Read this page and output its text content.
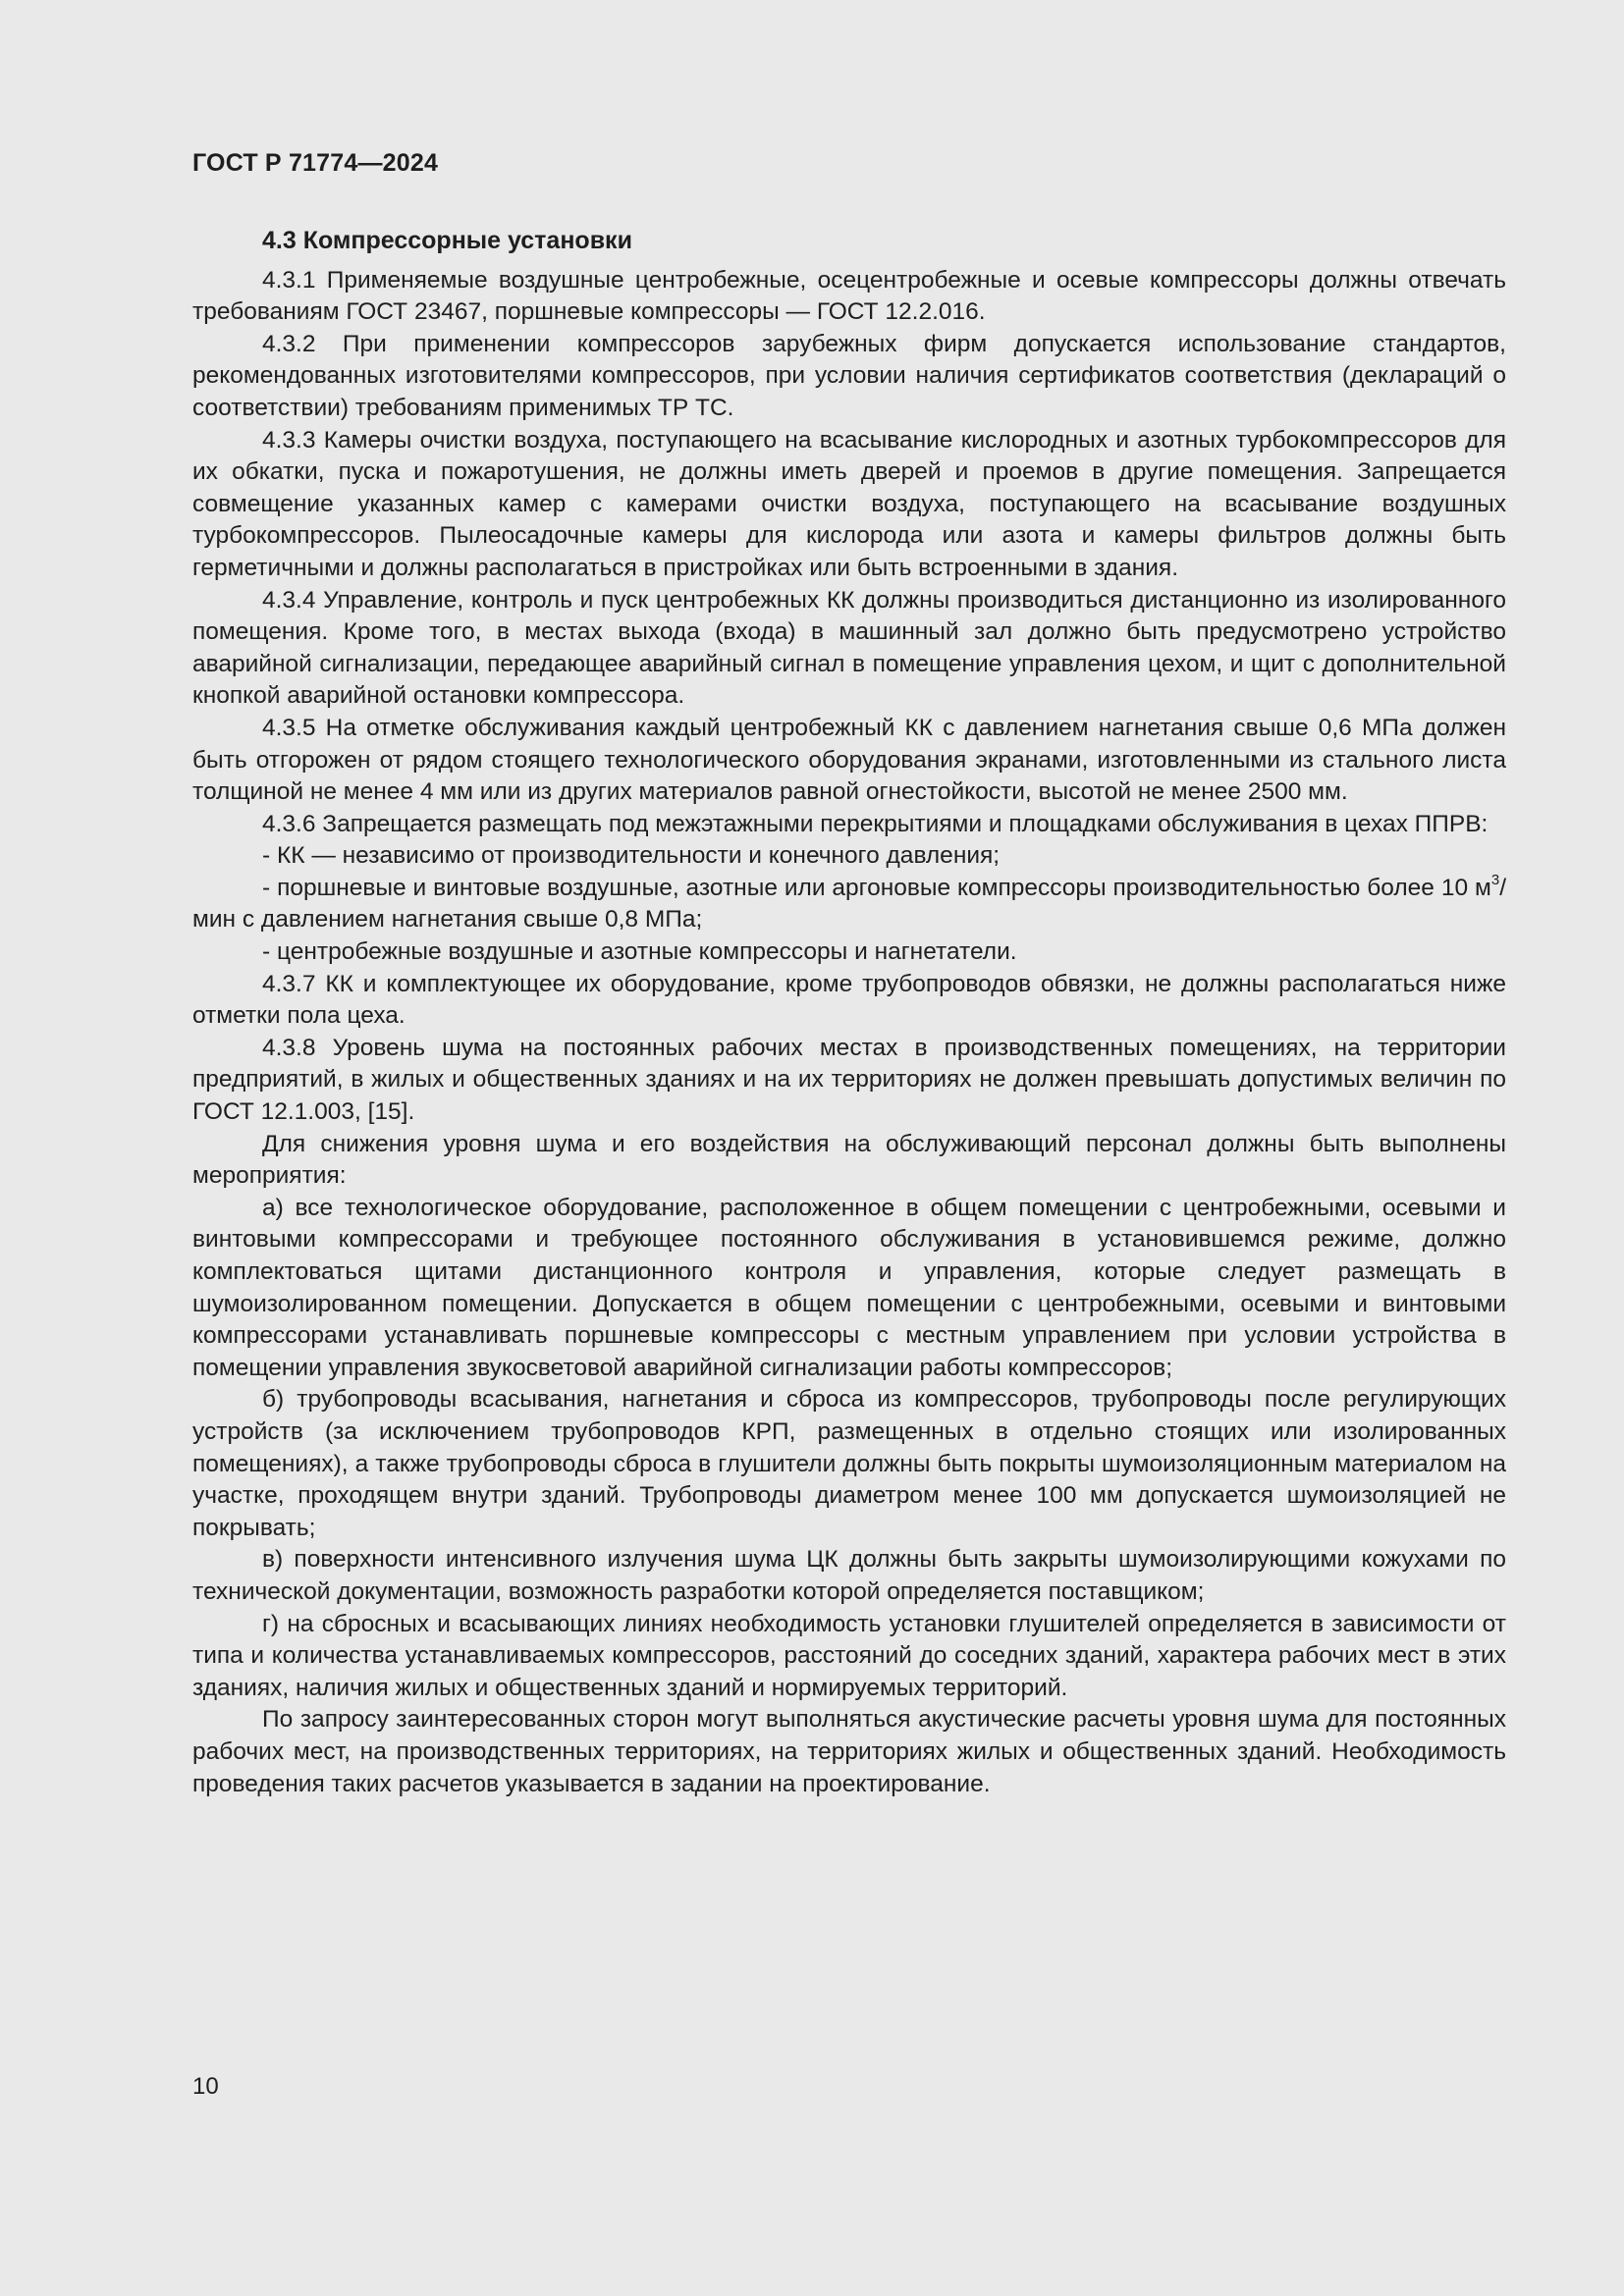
ГОСТ Р 71774—2024

4.3 Компрессорные установки

4.3.1 Применяемые воздушные центробежные, осецентробежные и осевые компрессоры должны отвечать требованиям ГОСТ 23467, поршневые компрессоры — ГОСТ 12.2.016.

4.3.2 При применении компрессоров зарубежных фирм допускается использование стандартов, рекомендованных изготовителями компрессоров, при условии наличия сертификатов соответствия (деклараций о соответствии) требованиям применимых ТР ТС.

4.3.3 Камеры очистки воздуха, поступающего на всасывание кислородных и азотных турбокомпрессоров для их обкатки, пуска и пожаротушения, не должны иметь дверей и проемов в другие помещения. Запрещается совмещение указанных камер с камерами очистки воздуха, поступающего на всасывание воздушных турбокомпрессоров. Пылеосадочные камеры для кислорода или азота и камеры фильтров должны быть герметичными и должны располагаться в пристройках или быть встроенными в здания.

4.3.4 Управление, контроль и пуск центробежных КК должны производиться дистанционно из изолированного помещения. Кроме того, в местах выхода (входа) в машинный зал должно быть предусмотрено устройство аварийной сигнализации, передающее аварийный сигнал в помещение управления цехом, и щит с дополнительной кнопкой аварийной остановки компрессора.

4.3.5 На отметке обслуживания каждый центробежный КК с давлением нагнетания свыше 0,6 МПа должен быть отгорожен от рядом стоящего технологического оборудования экранами, изготовленными из стального листа толщиной не менее 4 мм или из других материалов равной огнестойкости, высотой не менее 2500 мм.

4.3.6 Запрещается размещать под межэтажными перекрытиями и площадками обслуживания в цехах ППРВ:

- КК — независимо от производительности и конечного давления;

- поршневые и винтовые воздушные, азотные или аргоновые компрессоры производительностью более 10 $м^3$/мин с давлением нагнетания свыше 0,8 МПа;

- центробежные воздушные и азотные компрессоры и нагнетатели.

4.3.7 КК и комплектующее их оборудование, кроме трубопроводов обвязки, не должны располагаться ниже отметки пола цеха.

4.3.8 Уровень шума на постоянных рабочих местах в производственных помещениях, на территории предприятий, в жилых и общественных зданиях и на их территориях не должен превышать допустимых величин по ГОСТ 12.1.003, [15].

Для снижения уровня шума и его воздействия на обслуживающий персонал должны быть выполнены мероприятия:

а) все технологическое оборудование, расположенное в общем помещении с центробежными, осевыми и винтовыми компрессорами и требующее постоянного обслуживания в установившемся режиме, должно комплектоваться щитами дистанционного контроля и управления, которые следует размещать в шумоизолированном помещении. Допускается в общем помещении с центробежными, осевыми и винтовыми компрессорами устанавливать поршневые компрессоры с местным управлением при условии устройства в помещении управления звукосветовой аварийной сигнализации работы компрессоров;

б) трубопроводы всасывания, нагнетания и сброса из компрессоров, трубопроводы после регулирующих устройств (за исключением трубопроводов КРП, размещенных в отдельно стоящих или изолированных помещениях), а также трубопроводы сброса в глушители должны быть покрыты шумоизоляционным материалом на участке, проходящем внутри зданий. Трубопроводы диаметром менее 100 мм допускается шумоизоляцией не покрывать;

в) поверхности интенсивного излучения шума ЦК должны быть закрыты шумоизолирующими кожухами по технической документации, возможность разработки которой определяется поставщиком;

г) на сбросных и всасывающих линиях необходимость установки глушителей определяется в зависимости от типа и количества устанавливаемых компрессоров, расстояний до соседних зданий, характера рабочих мест в этих зданиях, наличия жилых и общественных зданий и нормируемых территорий.

По запросу заинтересованных сторон могут выполняться акустические расчеты уровня шума для постоянных рабочих мест, на производственных территориях, на территориях жилых и общественных зданий. Необходимость проведения таких расчетов указывается в задании на проектирование.

10
